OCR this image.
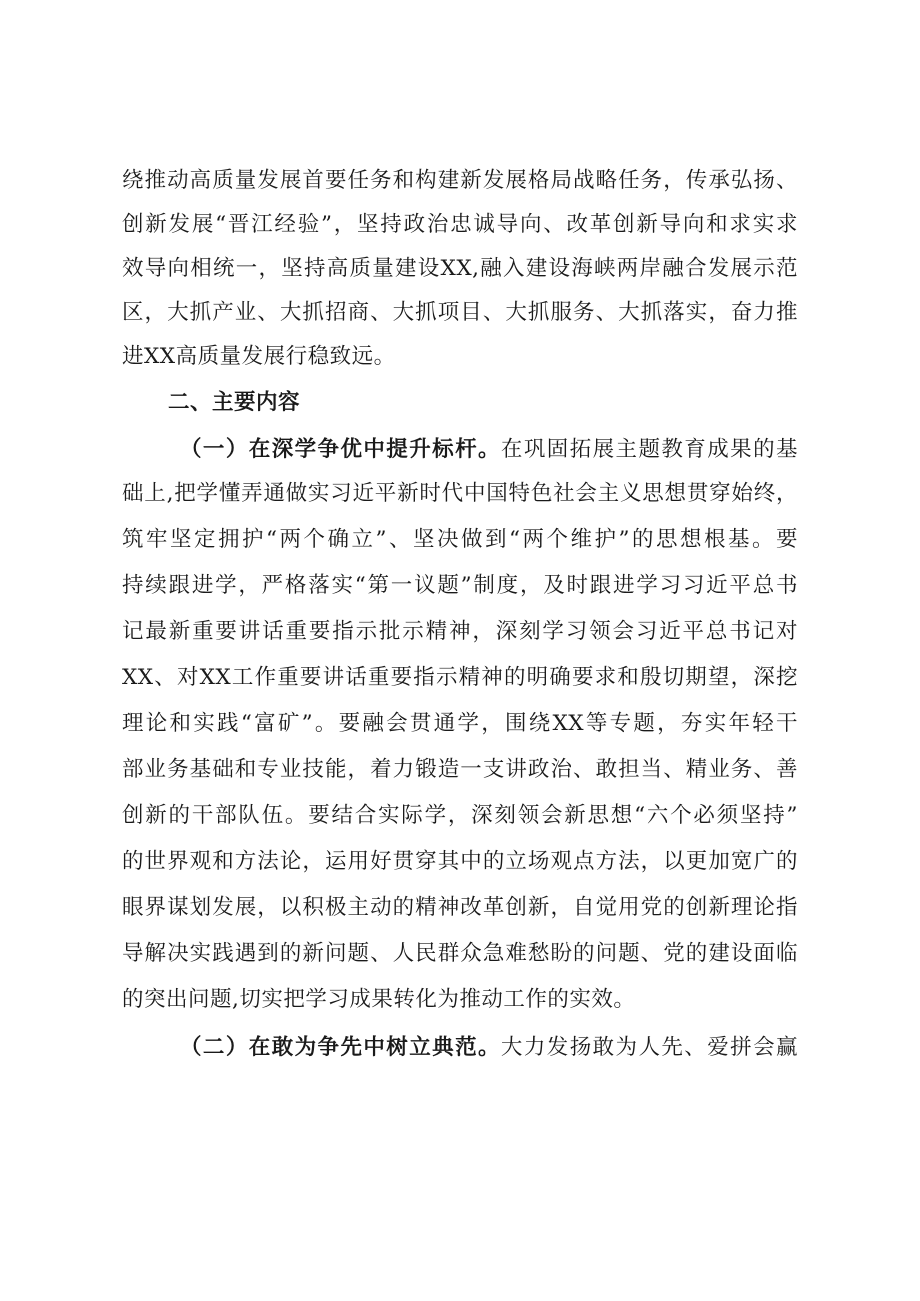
绕推动高质量发展首要任务和构建新发展格局战略任务，传承弘扬、
创新发展“晋江经验”，坚持政治忠诚导向、改革创新导向和求实求
效导向相统一，坚持高质量建设XX,融入建设海峡两岸融合发展示范
区，大抓产业、大抓招商、大抓项目、大抓服务、大抓落实，奋力推
进XX高质量发展行稳致远。
二、主要内容
（一）在深学争优中提升标杆。在巩固拓展主题教育成果的基
础上,把学懂弄通做实习近平新时代中国特色社会主义思想贯穿始终，
筑牢坚定拥护“两个确立”、坚决做到“两个维护”的思想根基。要
持续跟进学，严格落实“第一议题”制度，及时跟进学习习近平总书
记最新重要讲话重要指示批示精神，深刻学习领会习近平总书记对
XX、对XX工作重要讲话重要指示精神的明确要求和殷切期望，深挖
理论和实践“富矿”。要融会贯通学，围绕XX等专题，夯实年轻干
部业务基础和专业技能，着力锻造一支讲政治、敢担当、精业务、善
创新的干部队伍。要结合实际学，深刻领会新思想“六个必须坚持”
的世界观和方法论，运用好贯穿其中的立场观点方法，以更加宽广的
眼界谋划发展，以积极主动的精神改革创新，自觉用党的创新理论指
导解决实践遇到的新问题、人民群众急难愁盼的问题、党的建设面临
的突出问题,切实把学习成果转化为推动工作的实效。
（二）在敢为争先中树立典范。大力发扬敢为人先、爱拼会赢
